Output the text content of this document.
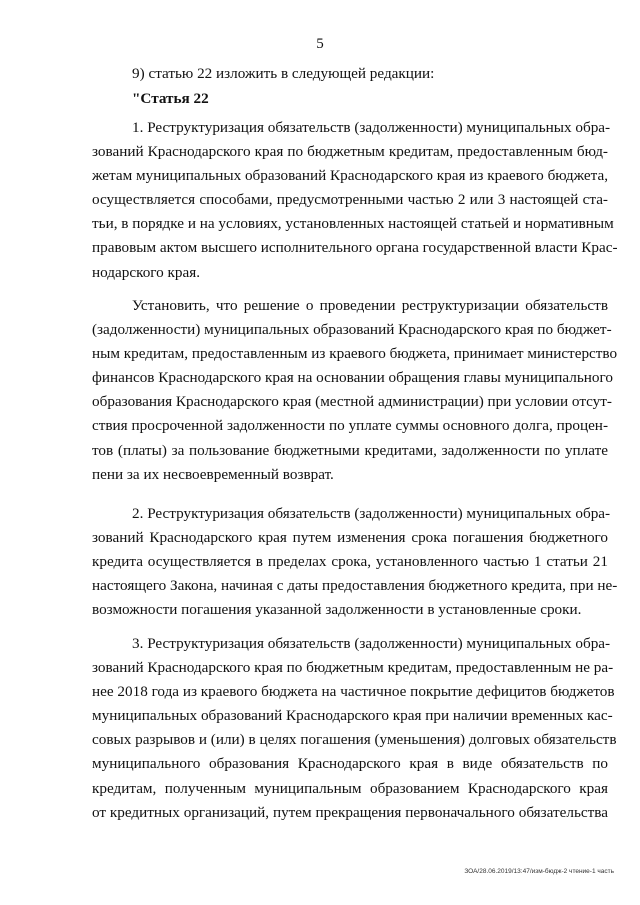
5
9) статью 22 изложить в следующей редакции:
"Статья 22
1. Реструктуризация обязательств (задолженности) муниципальных обра-
зований Краснодарского края по бюджетным кредитам, предоставленным бюд-
жетам муниципальных образований Краснодарского края из краевого бюджета,
осуществляется способами, предусмотренными частью 2 или 3 настоящей ста-
тьи, в порядке и на условиях, установленных настоящей статьей и нормативным
правовым актом высшего исполнительного органа государственной власти Крас-
нодарского края.
Установить, что решение о проведении реструктуризации обязательств
(задолженности) муниципальных образований Краснодарского края по бюджет-
ным кредитам, предоставленным из краевого бюджета, принимает министерство
финансов Краснодарского края на основании обращения главы муниципального
образования Краснодарского края (местной администрации) при условии отсут-
ствия просроченной задолженности по уплате суммы основного долга, процен-
тов (платы) за пользование бюджетными кредитами, задолженности по уплате
пени за их несвоевременный возврат.
2. Реструктуризация обязательств (задолженности) муниципальных обра-
зований Краснодарского края путем изменения срока погашения бюджетного
кредита осуществляется в пределах срока, установленного частью 1 статьи 21
настоящего Закона, начиная с даты предоставления бюджетного кредита, при не-
возможности погашения указанной задолженности в установленные сроки.
3. Реструктуризация обязательств (задолженности) муниципальных обра-
зований Краснодарского края по бюджетным кредитам, предоставленным не ра-
нее 2018 года из краевого бюджета на частичное покрытие дефицитов бюджетов
муниципальных образований Краснодарского края при наличии временных кас-
совых разрывов и (или) в целях погашения (уменьшения) долговых обязательств
муниципального образования Краснодарского края в виде обязательств по
кредитам, полученным муниципальным образованием Краснодарского края
от кредитных организаций, путем прекращения первоначального обязательства
ЗОА/28.06.2019/13:47/изм-бюдж-2 чтение-1 часть
